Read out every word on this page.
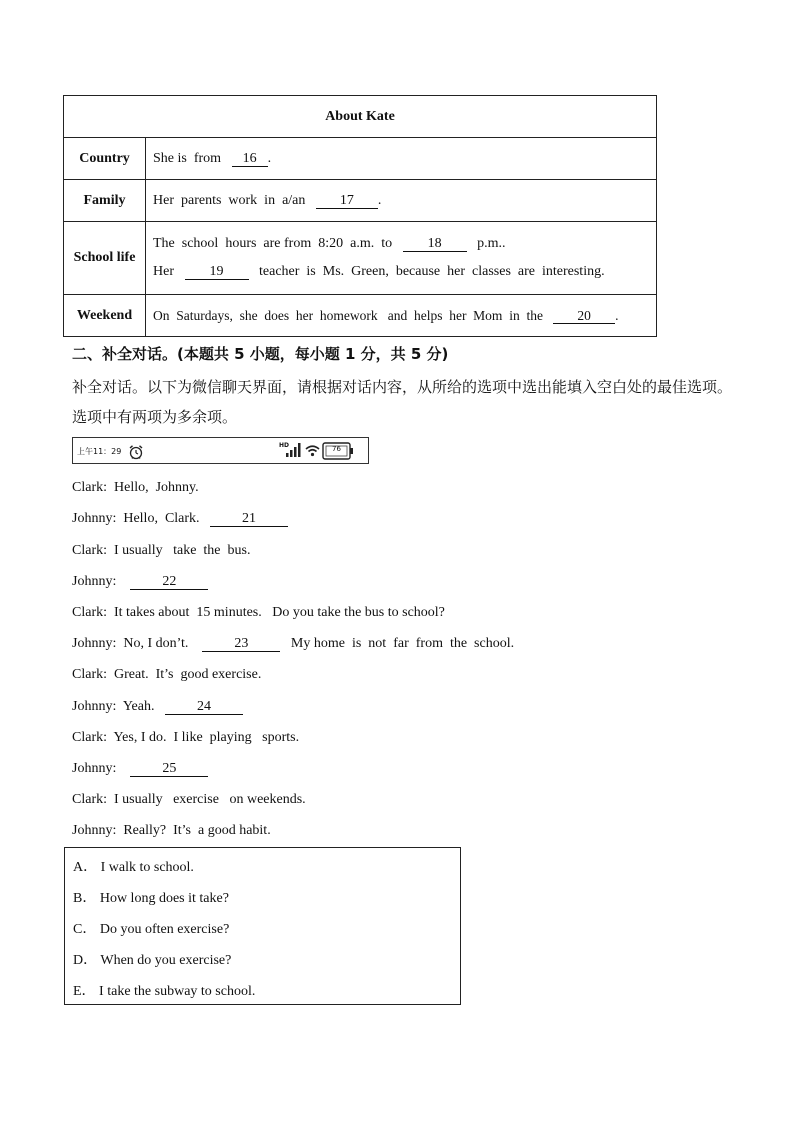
About Kate	
Country	She is  from   16 .
Family	Her  parents  work  in  a/an   17 .
School life	The  school  hours  are from  8:20  a.m.  to   18   p.m..
Her   19   teacher  is  Ms.  Green,  because  her  classes  are  interesting.

Weekend	On  Saturdays,  she  does  her  homework   and  helps  her  Mom  in  the   20 .
二、补全对话。(本题共 5 小题，每小题 1 分，共 5 分)
补全对话。以下为微信聊天界面，请根据对话内容，从所给的选项中选出能填入空白处的最佳选项。选项中有两项为多余项。
上午11：29
HD	76
Clark:  Hello,  Johnny.
Johnny:  Hello,  Clark.   21
Clark:  I usually   take  the  bus.
Johnny:    22
Clark:  It takes about  15 minutes.   Do you take the bus to school?
Johnny:  No, I don’t.    23   My home  is  not  far  from  the  school.
Clark:  Great.  It’s  good exercise.
Johnny:  Yeah.   24
Clark:  Yes, I do.  I like  playing   sports.
Johnny:    25
Clark:  I usually   exercise   on weekends.
Johnny:  Really?  It’s  a good habit.
A． I walk to school.
B． How long does it take?
C． Do you often exercise?
D． When do you exercise?
E． I take the subway to school.
